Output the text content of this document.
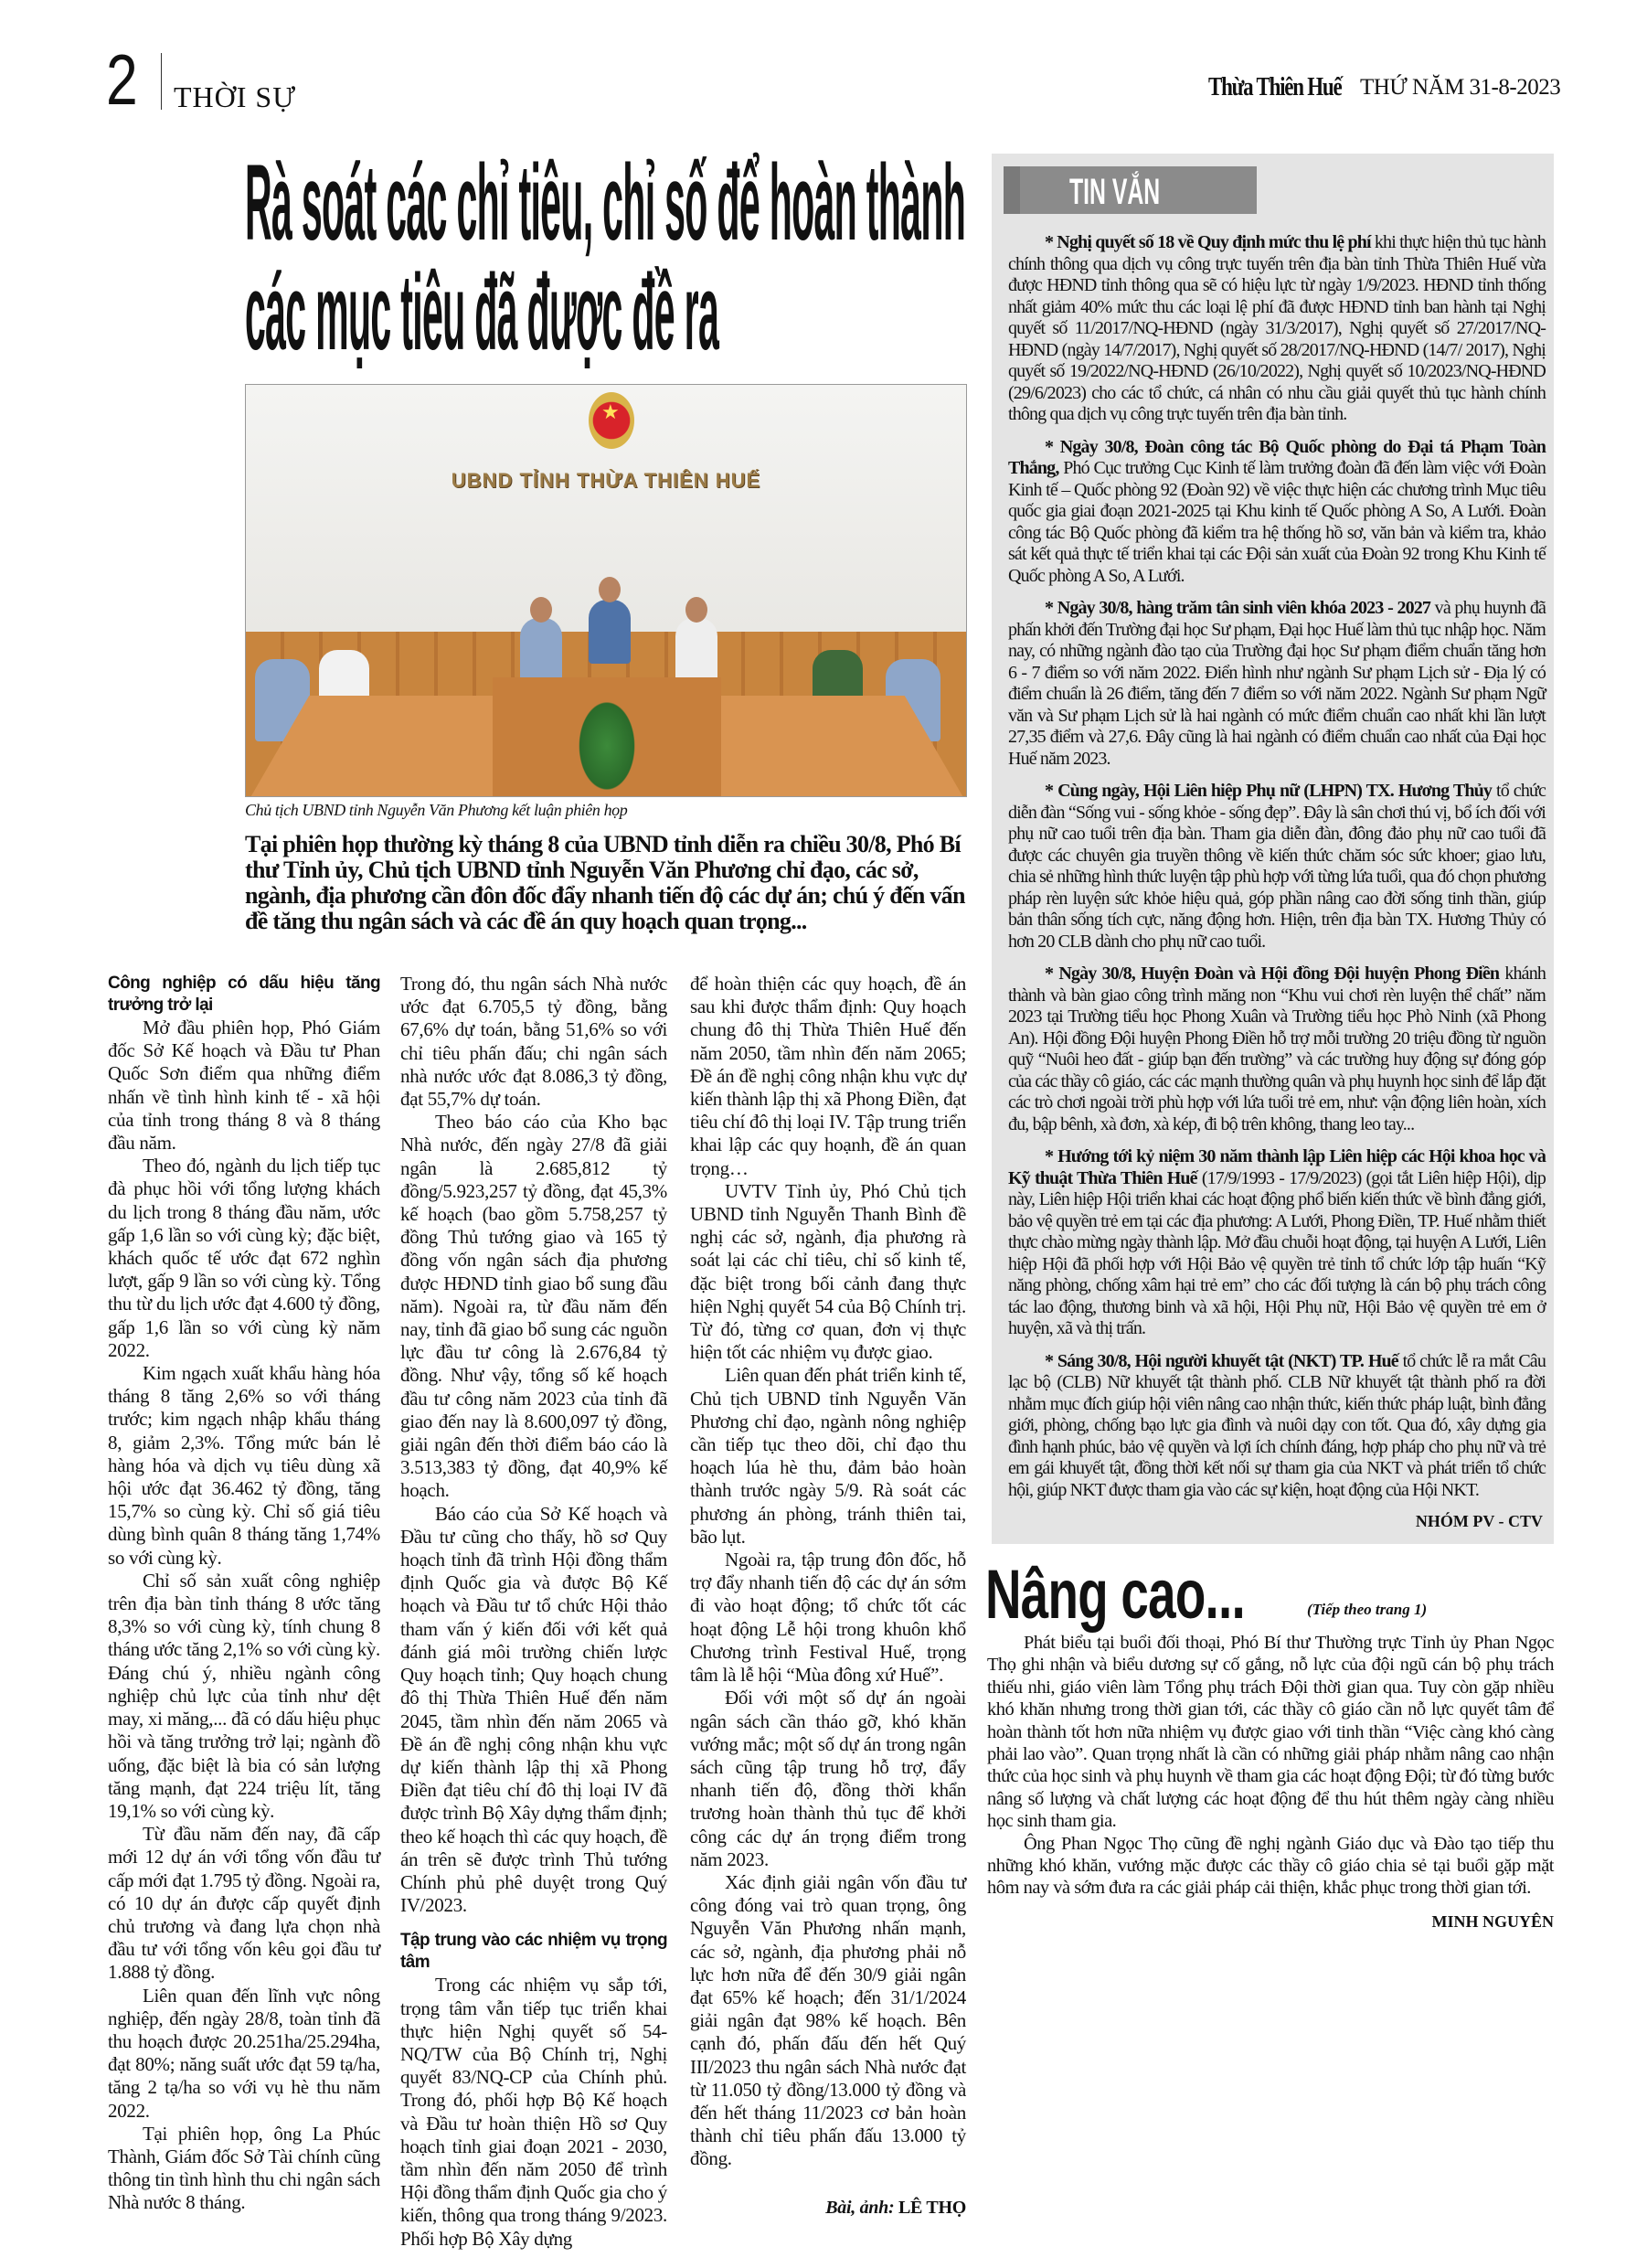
2 THỜI SỰ	Thừa Thiên Huế THỨ NĂM 31-8-2023
Rà soát các chỉ tiêu, chỉ số để hoàn thành
các mục tiêu đã được đề ra
★
UBND TỈNH THỪA THIÊN HUẾ
Chủ tịch UBND tỉnh Nguyễn Văn Phương kết luận phiên họp
Tại phiên họp thường kỳ tháng 8 của UBND tỉnh diễn ra chiều 30/8, Phó Bí thư Tỉnh ủy, Chủ tịch UBND tỉnh Nguyễn Văn Phương chỉ đạo, các sở, ngành, địa phương cần đôn đốc đẩy nhanh tiến độ các dự án; chú ý đến vấn đề tăng thu ngân sách và các đề án quy hoạch quan trọng...
Công nghiệp có dấu hiệu tăng trưởng trở lại

Mở đầu phiên họp, Phó Giám đốc Sở Kế hoạch và Đầu tư Phan Quốc Sơn điểm qua những điểm nhấn về tình hình kinh tế - xã hội của tỉnh trong tháng 8 và 8 tháng đầu năm.

Theo đó, ngành du lịch tiếp tục đà phục hồi với tổng lượng khách du lịch trong 8 tháng đầu năm, ước gấp 1,6 lần so với cùng kỳ; đặc biệt, khách quốc tế ước đạt 672 nghìn lượt, gấp 9 lần so với cùng kỳ. Tổng thu từ du lịch ước đạt 4.600 tỷ đồng, gấp 1,6 lần so với cùng kỳ năm 2022.

Kim ngạch xuất khẩu hàng hóa tháng 8 tăng 2,6% so với tháng trước; kim ngạch nhập khẩu tháng 8, giảm 2,3%. Tổng mức bán lẻ hàng hóa và dịch vụ tiêu dùng xã hội ước đạt 36.462 tỷ đồng, tăng 15,7% so cùng kỳ. Chỉ số giá tiêu dùng bình quân 8 tháng tăng 1,74% so với cùng kỳ.

Chỉ số sản xuất công nghiệp trên địa bàn tỉnh tháng 8 ước tăng 8,3% so với cùng kỳ, tính chung 8 tháng ước tăng 2,1% so với cùng kỳ. Đáng chú ý, nhiều ngành công nghiệp chủ lực của tỉnh như dệt may, xi măng,... đã có dấu hiệu phục hồi và tăng trưởng trở lại; ngành đồ uống, đặc biệt là bia có sản lượng tăng mạnh, đạt 224 triệu lít, tăng 19,1% so với cùng kỳ.

Từ đầu năm đến nay, đã cấp mới 12 dự án với tổng vốn đầu tư cấp mới đạt 1.795 tỷ đồng. Ngoài ra, có 10 dự án được cấp quyết định chủ trương và đang lựa chọn nhà đầu tư với tổng vốn kêu gọi đầu tư 1.888 tỷ đồng.

Liên quan đến lĩnh vực nông nghiệp, đến ngày 28/8, toàn tỉnh đã thu hoạch được 20.251ha/25.294ha, đạt 80%; năng suất ước đạt 59 tạ/ha, tăng 2 tạ/ha so với vụ hè thu năm 2022.

Tại phiên họp, ông La Phúc Thành, Giám đốc Sở Tài chính cũng thông tin tình hình thu chi ngân sách Nhà nước 8 tháng.

Trong đó, thu ngân sách Nhà nước ước đạt 6.705,5 tỷ đồng, bằng 67,6% dự toán, bằng 51,6% so với chỉ tiêu phấn đấu; chi ngân sách nhà nước ước đạt 8.086,3 tỷ đồng, đạt 55,7% dự toán.

Theo báo cáo của Kho bạc Nhà nước, đến ngày 27/8 đã giải ngân là 2.685,812 tỷ đồng/5.923,257 tỷ đồng, đạt 45,3% kế hoạch (bao gồm 5.758,257 tỷ đồng Thủ tướng giao và 165 tỷ đồng vốn ngân sách địa phương được HĐND tỉnh giao bổ sung đầu năm). Ngoài ra, từ đầu năm đến nay, tỉnh đã giao bổ sung các nguồn lực đầu tư công là 2.676,84 tỷ đồng. Như vậy, tổng số kế hoạch đầu tư công năm 2023 của tỉnh đã giao đến nay là 8.600,097 tỷ đồng, giải ngân đến thời điểm báo cáo là 3.513,383 tỷ đồng, đạt 40,9% kế hoạch.

Báo cáo của Sở Kế hoạch và Đầu tư cũng cho thấy, hồ sơ Quy hoạch tỉnh đã trình Hội đồng thẩm định Quốc gia và được Bộ Kế hoạch và Đầu tư tổ chức Hội thảo tham vấn ý kiến đối với kết quả đánh giá môi trường chiến lược Quy hoạch tỉnh; Quy hoạch chung đô thị Thừa Thiên Huế đến năm 2045, tầm nhìn đến năm 2065 và Đề án đề nghị công nhận khu vực dự kiến thành lập thị xã Phong Điền đạt tiêu chí đô thị loại IV đã được trình Bộ Xây dựng thẩm định; theo kế hoạch thì các quy hoạch, đề án trên sẽ được trình Thủ tướng Chính phủ phê duyệt trong Quý IV/2023.

Tập trung vào các nhiệm vụ trọng tâm

Trong các nhiệm vụ sắp tới, trọng tâm vẫn tiếp tục triển khai thực hiện Nghị quyết số 54-NQ/TW của Bộ Chính trị, Nghị quyết 83/NQ-CP của Chính phủ. Trong đó, phối hợp Bộ Kế hoạch và Đầu tư hoàn thiện Hồ sơ Quy hoạch tỉnh giai đoạn 2021 - 2030, tầm nhìn đến năm 2050 để trình Hội đồng thẩm định Quốc gia cho ý kiến, thông qua trong tháng 9/2023. Phối hợp Bộ Xây dựng

để hoàn thiện các quy hoạch, đề án sau khi được thẩm định: Quy hoạch chung đô thị Thừa Thiên Huế đến năm 2050, tầm nhìn đến năm 2065; Đề án đề nghị công nhận khu vực dự kiến thành lập thị xã Phong Điền, đạt tiêu chí đô thị loại IV. Tập trung triển khai lập các quy hoạnh, đề án quan trọng…

UVTV Tỉnh ủy, Phó Chủ tịch UBND tỉnh Nguyễn Thanh Bình đề nghị các sở, ngành, địa phương rà soát lại các chỉ tiêu, chỉ số kinh tế, đặc biệt trong bối cảnh đang thực hiện Nghị quyết 54 của Bộ Chính trị. Từ đó, từng cơ quan, đơn vị thực hiện tốt các nhiệm vụ được giao.

Liên quan đến phát triển kinh tế, Chủ tịch UBND tỉnh Nguyễn Văn Phương chỉ đạo, ngành nông nghiệp cần tiếp tục theo dõi, chỉ đạo thu hoạch lúa hè thu, đảm bảo hoàn thành trước ngày 5/9. Rà soát các phương án phòng, tránh thiên tai, bão lụt.

Ngoài ra, tập trung đôn đốc, hỗ trợ đẩy nhanh tiến độ các dự án sớm đi vào hoạt động; tổ chức tốt các hoạt động Lễ hội trong khuôn khổ Chương trình Festival Huế, trọng tâm là lễ hội “Mùa đông xứ Huế”.

Đối với một số dự án ngoài ngân sách cần tháo gỡ, khó khăn vướng mắc; một số dự án trong ngân sách cũng tập trung hỗ trợ, đẩy nhanh tiến độ, đồng thời khẩn trương hoàn thành thủ tục để khởi công các dự án trọng điểm trong năm 2023.

Xác định giải ngân vốn đầu tư công đóng vai trò quan trọng, ông Nguyễn Văn Phương nhấn mạnh, các sở, ngành, địa phương phải nỗ lực hơn nữa để đến 30/9 giải ngân đạt 65% kế hoạch; đến 31/1/2024 giải ngân đạt 98% kế hoạch. Bên cạnh đó, phấn đấu đến hết Quý III/2023 thu ngân sách Nhà nước đạt từ 11.050 tỷ đồng/13.000 tỷ đồng và đến hết tháng 11/2023 cơ bản hoàn thành chỉ tiêu phấn đấu 13.000 tỷ đồng.

Bài, ảnh: LÊ THỌ
TIN VẮN

* Nghị quyết số 18 về Quy định mức thu lệ phí khi thực hiện thủ tục hành chính thông qua dịch vụ công trực tuyến trên địa bàn tỉnh Thừa Thiên Huế vừa được HĐND tỉnh thông qua sẽ có hiệu lực từ ngày 1/9/2023. HĐND tỉnh thống nhất giảm 40% mức thu các loại lệ phí đã được HĐND tỉnh ban hành tại Nghị quyết số 11/2017/NQ-HĐND (ngày 31/3/2017), Nghị quyết số 27/2017/NQ-HĐND (ngày 14/7/2017), Nghị quyết số 28/2017/NQ-HĐND (14/7/ 2017), Nghị quyết số 19/2022/NQ-HĐND (26/10/2022), Nghị quyết số 10/2023/NQ-HĐND (29/6/2023) cho các tổ chức, cá nhân có nhu cầu giải quyết thủ tục hành chính thông qua dịch vụ công trực tuyến trên địa bàn tỉnh.

* Ngày 30/8, Đoàn công tác Bộ Quốc phòng do Đại tá Phạm Toàn Thắng, Phó Cục trưởng Cục Kinh tế làm trưởng đoàn đã đến làm việc với Đoàn Kinh tế – Quốc phòng 92 (Đoàn 92) về việc thực hiện các chương trình Mục tiêu quốc gia giai đoạn 2021-2025 tại Khu kinh tế Quốc phòng A So, A Lưới. Đoàn công tác Bộ Quốc phòng đã kiểm tra hệ thống hồ sơ, văn bản và kiểm tra, khảo sát kết quả thực tế triển khai tại các Đội sản xuất của Đoàn 92 trong Khu Kinh tế Quốc phòng A So, A Lưới.

* Ngày 30/8, hàng trăm tân sinh viên khóa 2023 - 2027 và phụ huynh đã phấn khởi đến Trường đại học Sư phạm, Đại học Huế làm thủ tục nhập học. Năm nay, có những ngành đào tạo của Trường đại học Sư phạm điểm chuẩn tăng hơn 6 - 7 điểm so với năm 2022. Điển hình như ngành Sư phạm Lịch sử - Địa lý có điểm chuẩn là 26 điểm, tăng đến 7 điểm so với năm 2022. Ngành Sư phạm Ngữ văn và Sư phạm Lịch sử là hai ngành có mức điểm chuẩn cao nhất khi lần lượt 27,35 điểm và 27,6. Đây cũng là hai ngành có điểm chuẩn cao nhất của Đại học Huế năm 2023.

* Cùng ngày, Hội Liên hiệp Phụ nữ (LHPN) TX. Hương Thủy tổ chức diễn đàn “Sống vui - sống khỏe - sống đẹp”. Đây là sân chơi thú vị, bổ ích đối với phụ nữ cao tuổi trên địa bàn. Tham gia diễn đàn, đông đảo phụ nữ cao tuổi đã được các chuyên gia truyền thông về kiến thức chăm sóc sức khoer; giao lưu, chia sẻ những hình thức luyện tập phù hợp với từng lứa tuổi, qua đó chọn phương pháp rèn luyện sức khỏe hiệu quả, góp phần nâng cao đời sống tinh thần, giúp bản thân sống tích cực, năng động hơn. Hiện, trên địa bàn TX. Hương Thủy có hơn 20 CLB dành cho phụ nữ cao tuổi.

* Ngày 30/8, Huyện Đoàn và Hội đồng Đội huyện Phong Điền khánh thành và bàn giao công trình măng non “Khu vui chơi rèn luyện thể chất” năm 2023 tại Trường tiểu học Phong Xuân và Trường tiểu học Phò Ninh (xã Phong An). Hội đồng Đội huyện Phong Điền hỗ trợ mỗi trường 20 triệu đồng từ nguồn quỹ “Nuôi heo đất - giúp bạn đến trường” và các trường huy động sự đóng góp của các thầy cô giáo, các các mạnh thường quân và phụ huynh học sinh để lắp đặt các trò chơi ngoài trời phù hợp với lứa tuổi trẻ em, như: vận động liên hoàn, xích đu, bập bênh, xà đơn, xà kép, đi bộ trên không, thang leo tay...

* Hướng tới kỷ niệm 30 năm thành lập Liên hiệp các Hội khoa học và Kỹ thuật Thừa Thiên Huế (17/9/1993 - 17/9/2023) (gọi tắt Liên hiệp Hội), dịp này, Liên hiệp Hội triển khai các hoạt động phổ biến kiến thức về bình đẳng giới, bảo vệ quyền trẻ em tại các địa phương: A Lưới, Phong Điền, TP. Huế nhằm thiết thực chào mừng ngày thành lập. Mở đầu chuỗi hoạt động, tại huyện A Lưới, Liên hiệp Hội đã phối hợp với Hội Bảo vệ quyền trẻ tỉnh tổ chức lớp tập huấn “Kỹ năng phòng, chống xâm hại trẻ em” cho các đối tượng là cán bộ phụ trách công tác lao động, thương binh và xã hội, Hội Phụ nữ, Hội Bảo vệ quyền trẻ em ở huyện, xã và thị trấn.

* Sáng 30/8, Hội người khuyết tật (NKT) TP. Huế tổ chức lễ ra mắt Câu lạc bộ (CLB) Nữ khuyết tật thành phố. CLB Nữ khuyết tật thành phố ra đời nhằm mục đích giúp hội viên nâng cao nhận thức, kiến thức pháp luật, bình đẳng giới, phòng, chống bạo lực gia đình và nuôi dạy con tốt. Qua đó, xây dựng gia đình hạnh phúc, bảo vệ quyền và lợi ích chính đáng, hợp pháp cho phụ nữ và trẻ em gái khuyết tật, đồng thời kết nối sự tham gia của NKT và phát triển tổ chức hội, giúp NKT được tham gia vào các sự kiện, hoạt động của Hội NKT.

NHÓM PV - CTV
Nâng cao...	(Tiếp theo trang 1)

Phát biểu tại buổi đối thoại, Phó Bí thư Thường trực Tỉnh ủy Phan Ngọc Thọ ghi nhận và biểu dương sự cố gắng, nỗ lực của đội ngũ cán bộ phụ trách thiếu nhi, giáo viên làm Tổng phụ trách Đội thời gian qua. Tuy còn gặp nhiều khó khăn nhưng trong thời gian tới, các thầy cô giáo cần nỗ lực quyết tâm để hoàn thành tốt hơn nữa nhiệm vụ được giao với tinh thần “Việc càng khó càng phải lao vào”. Quan trọng nhất là cần có những giải pháp nhằm nâng cao nhận thức của học sinh và phụ huynh về tham gia các hoạt động Đội; từ đó từng bước nâng số lượng và chất lượng các hoạt động để thu hút thêm ngày càng nhiều học sinh tham gia.

Ông Phan Ngọc Thọ cũng đề nghị ngành Giáo dục và Đào tạo tiếp thu những khó khăn, vướng mặc được các thầy cô giáo chia sẻ tại buổi gặp mặt hôm nay và sớm đưa ra các giải pháp cải thiện, khắc phục trong thời gian tới.

MINH NGUYÊN
